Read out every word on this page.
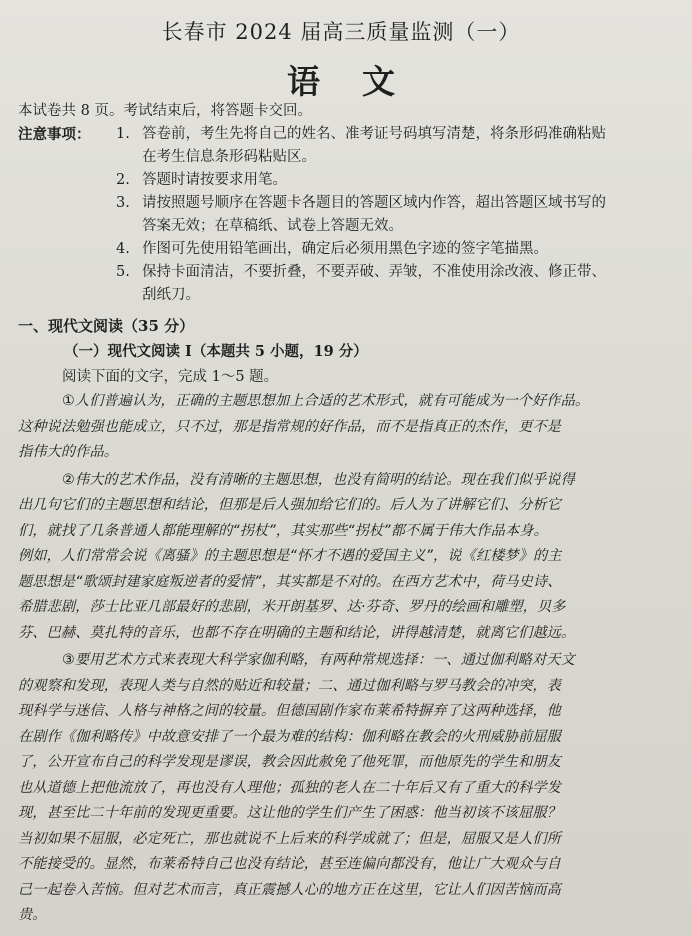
长春市 2024 届高三质量监测（一）
语文
本试卷共 8 页。考试结束后，将答题卡交回。
注意事项：	1. 答卷前，考生先将自己的姓名、准考证号码填写清楚，将条形码准确粘贴
在考生信息条形码粘贴区。
2. 答题时请按要求用笔。
3. 请按照题号顺序在答题卡各题目的答题区域内作答，超出答题区域书写的
答案无效；在草稿纸、试卷上答题无效。
4. 作图可先使用铅笔画出，确定后必须用黑色字迹的签字笔描黑。
5. 保持卡面清洁，不要折叠，不要弄破、弄皱，不准使用涂改液、修正带、
刮纸刀。
一、现代文阅读（35 分）
（一）现代文阅读 I（本题共 5 小题，19 分）
阅读下面的文字，完成 1～5 题。
①人们普遍认为，正确的主题思想加上合适的艺术形式，就有可能成为一个好作品。
这种说法勉强也能成立，只不过，那是指常规的好作品，而不是指真正的杰作，更不是
指伟大的作品。
②伟大的艺术作品，没有清晰的主题思想，也没有简明的结论。现在我们似乎说得
出几句它们的主题思想和结论，但那是后人强加给它们的。后人为了讲解它们、分析它
们，就找了几条普通人都能理解的“拐杖”，其实那些“拐杖”都不属于伟大作品本身。
例如，人们常常会说《离骚》的主题思想是“怀才不遇的爱国主义”，说《红楼梦》的主
题思想是“歌颂封建家庭叛逆者的爱情”，其实都是不对的。在西方艺术中，荷马史诗、
希腊悲剧，莎士比亚几部最好的悲剧，米开朗基罗、达·芬奇、罗丹的绘画和雕塑，贝多
芬、巴赫、莫扎特的音乐，也都不存在明确的主题和结论，讲得越清楚，就离它们越远。
③要用艺术方式来表现大科学家伽利略，有两种常规选择：一、通过伽利略对天文
的观察和发现，表现人类与自然的贴近和较量；二、通过伽利略与罗马教会的冲突，表
现科学与迷信、人格与神格之间的较量。但德国剧作家布莱希特摒弃了这两种选择，他
在剧作《伽利略传》中故意安排了一个最为难的结构：伽利略在教会的火刑威胁前屈服
了，公开宣布自己的科学发现是谬误，教会因此赦免了他死罪，而他原先的学生和朋友
也从道德上把他流放了，再也没有人理他；孤独的老人在二十年后又有了重大的科学发
现，甚至比二十年前的发现更重要。这让他的学生们产生了困惑：他当初该不该屈服？
当初如果不屈服，必定死亡，那也就说不上后来的科学成就了；但是，屈服又是人们所
不能接受的。显然，布莱希特自己也没有结论，甚至连偏向都没有，他让广大观众与自
己一起卷入苦恼。但对艺术而言，真正震撼人心的地方正在这里，它让人们因苦恼而高
贵。
